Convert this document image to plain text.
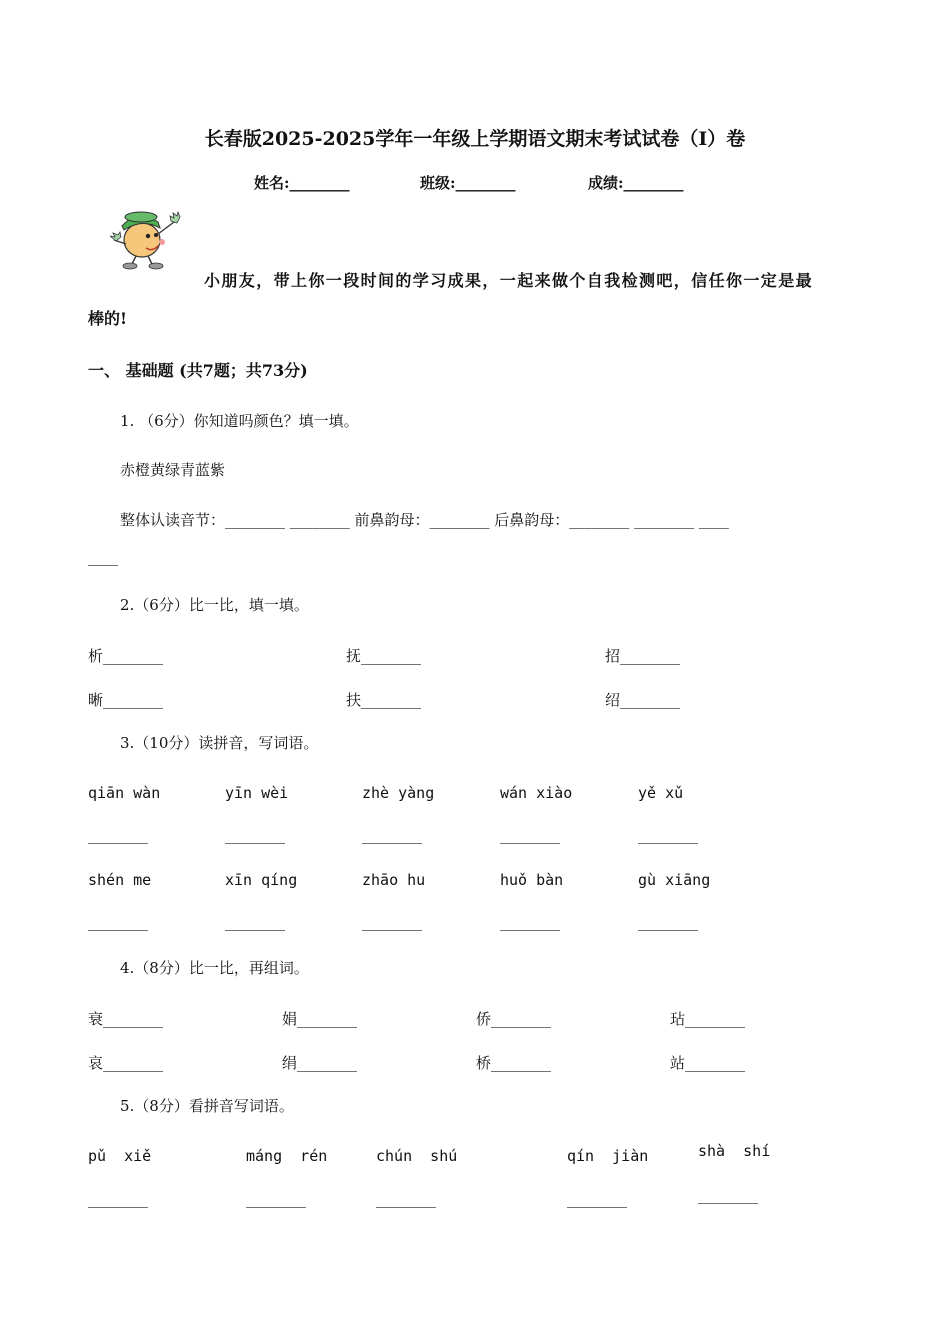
长春版2025-2025学年一年级上学期语文期末考试试卷（I）卷
姓名:________	班级:________	成绩:________
小朋友，带上你一段时间的学习成果，一起来做个自我检测吧，信任你一定是最
棒的!
一、 基础题 (共7题；共73分)
1. （6分）你知道吗颜色？填一填。
赤橙黄绿青蓝紫
整体认读音节：________ ________ 前鼻韵母：________ 后鼻韵母：________ ________ ____
____
2.（6分）比一比，填一填。
析________	抚________	招________
晰________	扶________	绍________
3.（10分）读拼音，写词语。
qiān wàn	yīn wèi	zhè yàng	wán xiào	yě xǔ
________	________	________	________	________
shén me	xīn qíng	zhāo hu	huǒ bàn	gù xiāng
________	________	________	________	________
4.（8分）比一比，再组词。
衰________	娟________	侨________	玷________
哀________	绢________	桥________	站________
5.（8分）看拼音写词语。
pǔ  xiě	máng  rén	chún  shú	qín  jiàn	shà  shí
________	________	________	________	________
